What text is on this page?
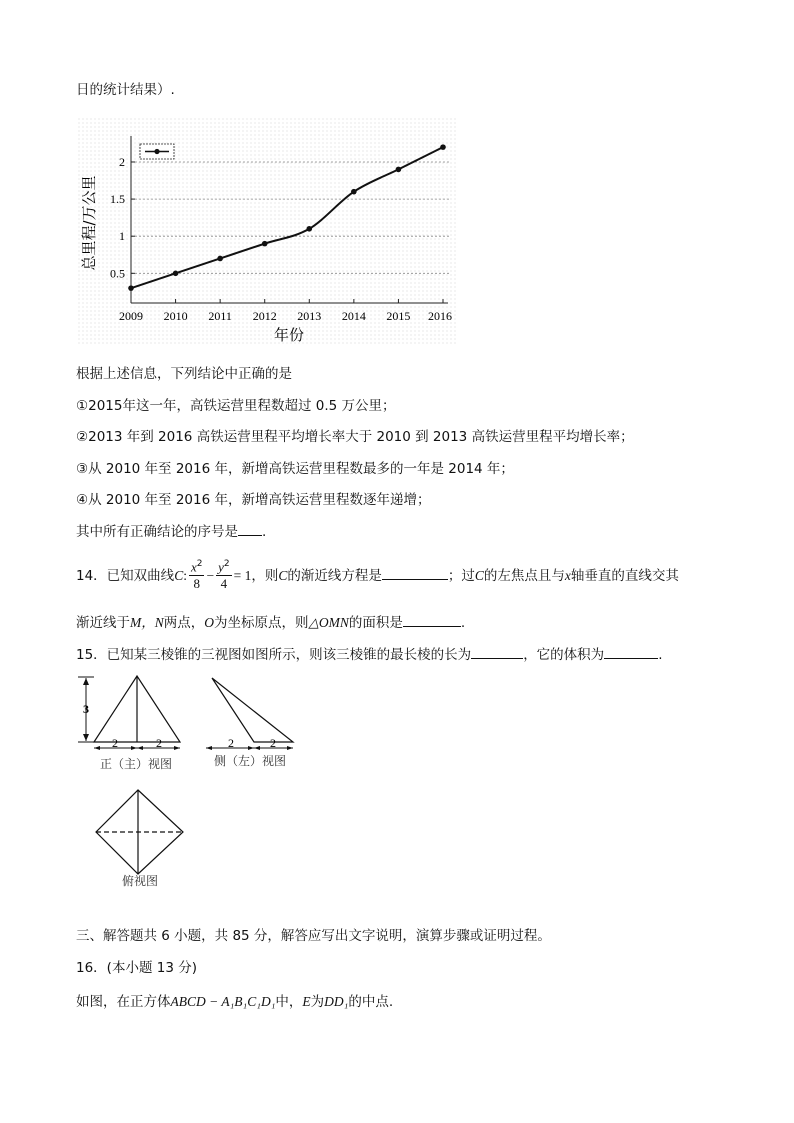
日的统计结果）.
0.5
1
1.5
2
2009 2010 2011 2012 2013 2014 2015 2016
总里程/万公里
年份
根据上述信息，下列结论中正确的是
①2015年这一年，高铁运营里程数超过 0.5 万公里；
②2013 年到 2016 高铁运营里程平均增长率大于 2010 到 2013 高铁运营里程平均增长率；
③从 2010 年至 2016 年，新增高铁运营里程数最多的一年是 2014 年；
④从 2010 年至 2016 年，新增高铁运营里程数逐年递增；
其中所有正确结论的序号是 .
14．已知双曲线C: $\frac{x^2}{8} - \frac{y^2}{4} = 1$，则C的渐近线方程是	；过C的左焦点且与x轴垂直的直线交其
渐近线于M，N两点，O为坐标原点，则△OMN的面积是	.
15．已知某三棱锥的三视图如图所示，则该三棱锥的最长棱的长为	，它的体积为	.
3
2	2
正（主）视图
2	2
侧（左）视图
俯视图
三、解答题共 6 小题，共 85 分，解答应写出文字说明，演算步骤或证明过程。
16．(本小题 13 分)
如图，在正方体ABCD − A₁B₁C₁D₁中，E为DD₁的中点.
